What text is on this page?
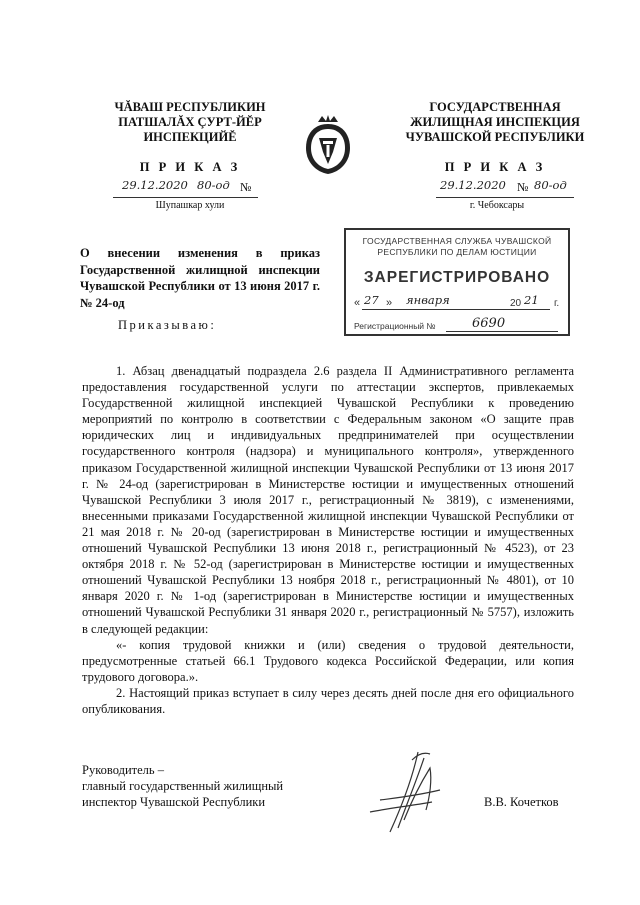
ЧĂВАШ РЕСПУБЛИКИН
ПАТШАЛĂХ ÇУРТ-ЙĔР
ИНСПЕКЦИЙĔ
П Р И К А З
29.12.2020 80-од №
Шупашкар хули
ГОСУДАРСТВЕННАЯ
ЖИЛИЩНАЯ ИНСПЕКЦИЯ
ЧУВАШСКОЙ РЕСПУБЛИКИ
П Р И К А З
29.12.2020 № 80-од
г. Чебоксары
О внесении изменения в приказ Государственной жилищной инспекции Чувашской Республики от 13 июня 2017 г. № 24-од
ГОСУДАРСТВЕННАЯ СЛУЖБА ЧУВАШСКОЙ
РЕСПУБЛИКИ ПО ДЕЛАМ ЮСТИЦИИ
ЗАРЕГИСТРИРОВАНО
« 27 » января	20 21 г.
Регистрационный №	6690
Приказываю:

1. Абзац двенадцатый подраздела 2.6 раздела II Административного регламента предоставления государственной услуги по аттестации экспертов, привлекаемых Государственной жилищной инспекцией Чувашской Республики к проведению мероприятий по контролю в соответствии с Федеральным законом «О защите прав юридических лиц и индивидуальных предпринимателей при осуществлении государственного контроля (надзора) и муниципального контроля», утвержденного приказом Государственной жилищной инспекции Чувашской Республики от 13 июня 2017 г. № 24-од (зарегистрирован в Министерстве юстиции и имущественных отношений Чувашской Республики 3 июля 2017 г., регистрационный № 3819), с изменениями, внесенными приказами Государственной жилищной инспекции Чувашской Республики от 21 мая 2018 г. № 20-од (зарегистрирован в Министерстве юстиции и имущественных отношений Чувашской Республики 13 июня 2018 г., регистрационный № 4523), от 23 октября 2018 г. № 52-од (зарегистрирован в Министерстве юстиции и имущественных отношений Чувашской Республики 13 ноября 2018 г., регистрационный № 4801), от 10 января 2020 г. № 1-од (зарегистрирован в Министерстве юстиции и имущественных отношений Чувашской Республики 31 января 2020 г., регистрационный № 5757), изложить в следующей редакции:

«- копия трудовой книжки и (или) сведения о трудовой деятельности, предусмотренные статьей 66.1 Трудового кодекса Российской Федерации, или копия трудового договора.».

2. Настоящий приказ вступает в силу через десять дней после дня его официального опубликования.

Руководитель –
главный государственный жилищный
инспектор Чувашской Республики	В.В. Кочетков
